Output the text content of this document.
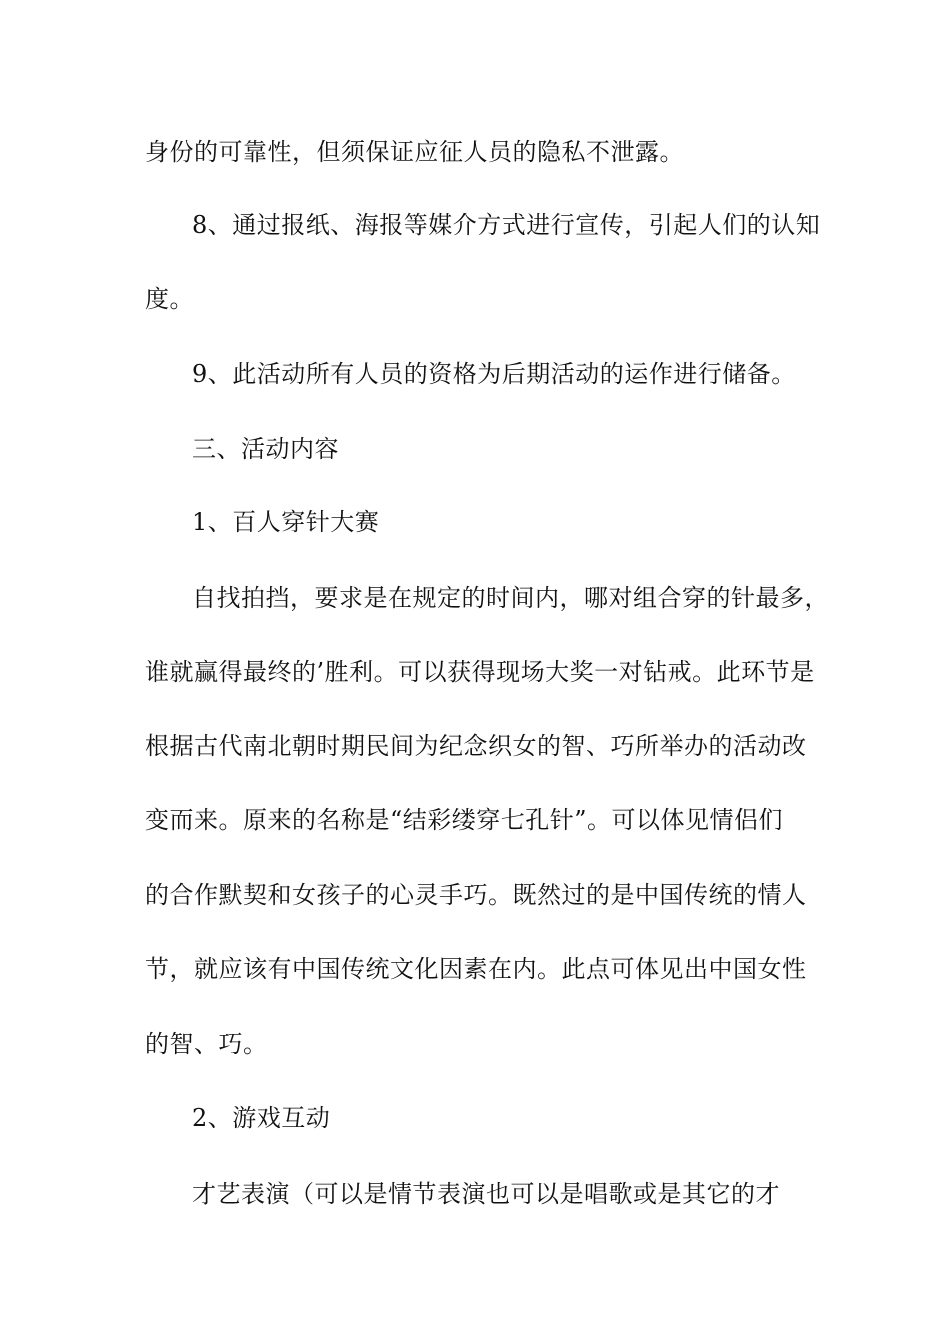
身份的可靠性，但须保证应征人员的隐私不泄露。
8、通过报纸、海报等媒介方式进行宣传，引起人们的认知
度。
9、此活动所有人员的资格为后期活动的运作进行储备。
三、活动内容
1、百人穿针大赛
自找拍挡，要求是在规定的时间内，哪对组合穿的针最多，
谁就赢得最终的’胜利。可以获得现场大奖一对钻戒。此环节是
根据古代南北朝时期民间为纪念织女的智、巧所举办的活动改
变而来。原来的名称是“结彩缕穿七孔针”。可以体见情侣们
的合作默契和女孩子的心灵手巧。既然过的是中国传统的情人
节，就应该有中国传统文化因素在内。此点可体见出中国女性
的智、巧。
2、游戏互动
才艺表演（可以是情节表演也可以是唱歌或是其它的才
